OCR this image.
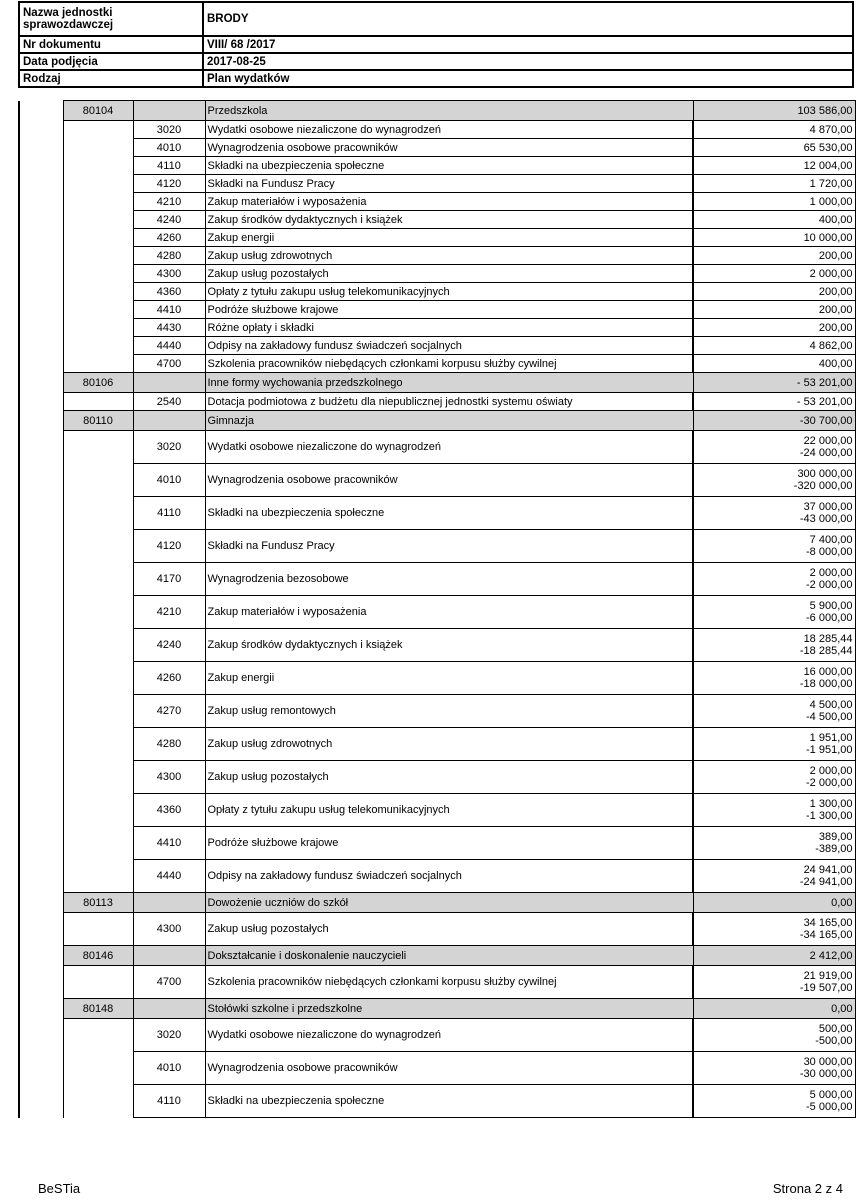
Nazwa jednostki sprawozdawczej	BRODY
Nr dokumentu	VIII/ 68 /2017
Data podjęcia	2017-08-25
Rodzaj	Plan wydatków
	80104		Przedszkola	103 586,00

		3020	Wydatki osobowe niezaliczone do wynagrodzeń	4 870,00

		4010	Wynagrodzenia osobowe pracowników	65 530,00

		4110	Składki na ubezpieczenia społeczne	12 004,00

		4120	Składki na Fundusz Pracy	1 720,00

		4210	Zakup materiałów i wyposażenia	1 000,00

		4240	Zakup środków dydaktycznych i książek	400,00

		4260	Zakup energii	10 000,00

		4280	Zakup usług zdrowotnych	200,00

		4300	Zakup usług pozostałych	2 000,00

		4360	Opłaty z tytułu zakupu usług telekomunikacyjnych	200,00

		4410	Podróże służbowe krajowe	200,00

		4430	Różne opłaty i składki	200,00

		4440	Odpisy na zakładowy fundusz świadczeń socjalnych	4 862,00

		4700	Szkolenia pracowników niebędących członkami korpusu służby cywilnej	400,00

	80106		Inne formy wychowania przedszkolnego	- 53 201,00

		2540	Dotacja podmiotowa z budżetu dla niepublicznej jednostki systemu oświaty	- 53 201,00

	80110		Gimnazja	-30 700,00

		3020	Wydatki osobowe niezaliczone do wynagrodzeń	22 000,00
-24 000,00

		4010	Wynagrodzenia osobowe pracowników	300 000,00
-320 000,00

		4110	Składki na ubezpieczenia społeczne	37 000,00
-43 000,00

		4120	Składki na Fundusz Pracy	7 400,00
-8 000,00

		4170	Wynagrodzenia bezosobowe	2 000,00
-2 000,00

		4210	Zakup materiałów i wyposażenia	5 900,00
-6 000,00

		4240	Zakup środków dydaktycznych i książek	18 285,44
-18 285,44

		4260	Zakup energii	16 000,00
-18 000,00

		4270	Zakup usług remontowych	4 500,00
-4 500,00

		4280	Zakup usług zdrowotnych	1 951,00
-1 951,00

		4300	Zakup usług pozostałych	2 000,00
-2 000,00

		4360	Opłaty z tytułu zakupu usług telekomunikacyjnych	1 300,00
-1 300,00

		4410	Podróże służbowe krajowe	389,00
-389,00

		4440	Odpisy na zakładowy fundusz świadczeń socjalnych	24 941,00
-24 941,00

	80113		Dowożenie uczniów do szkół	0,00

		4300	Zakup usług pozostałych	34 165,00
-34 165,00

	80146		Dokształcanie i doskonalenie nauczycieli	2 412,00

		4700	Szkolenia pracowników niebędących członkami korpusu służby cywilnej	21 919,00
-19 507,00

	80148		Stołówki szkolne i przedszkolne	0,00

		3020	Wydatki osobowe niezaliczone do wynagrodzeń	500,00
-500,00

		4010	Wynagrodzenia osobowe pracowników	30 000,00
-30 000,00

		4110	Składki na ubezpieczenia społeczne	5 000,00
-5 000,00
BeSTia	Strona 2 z 4
